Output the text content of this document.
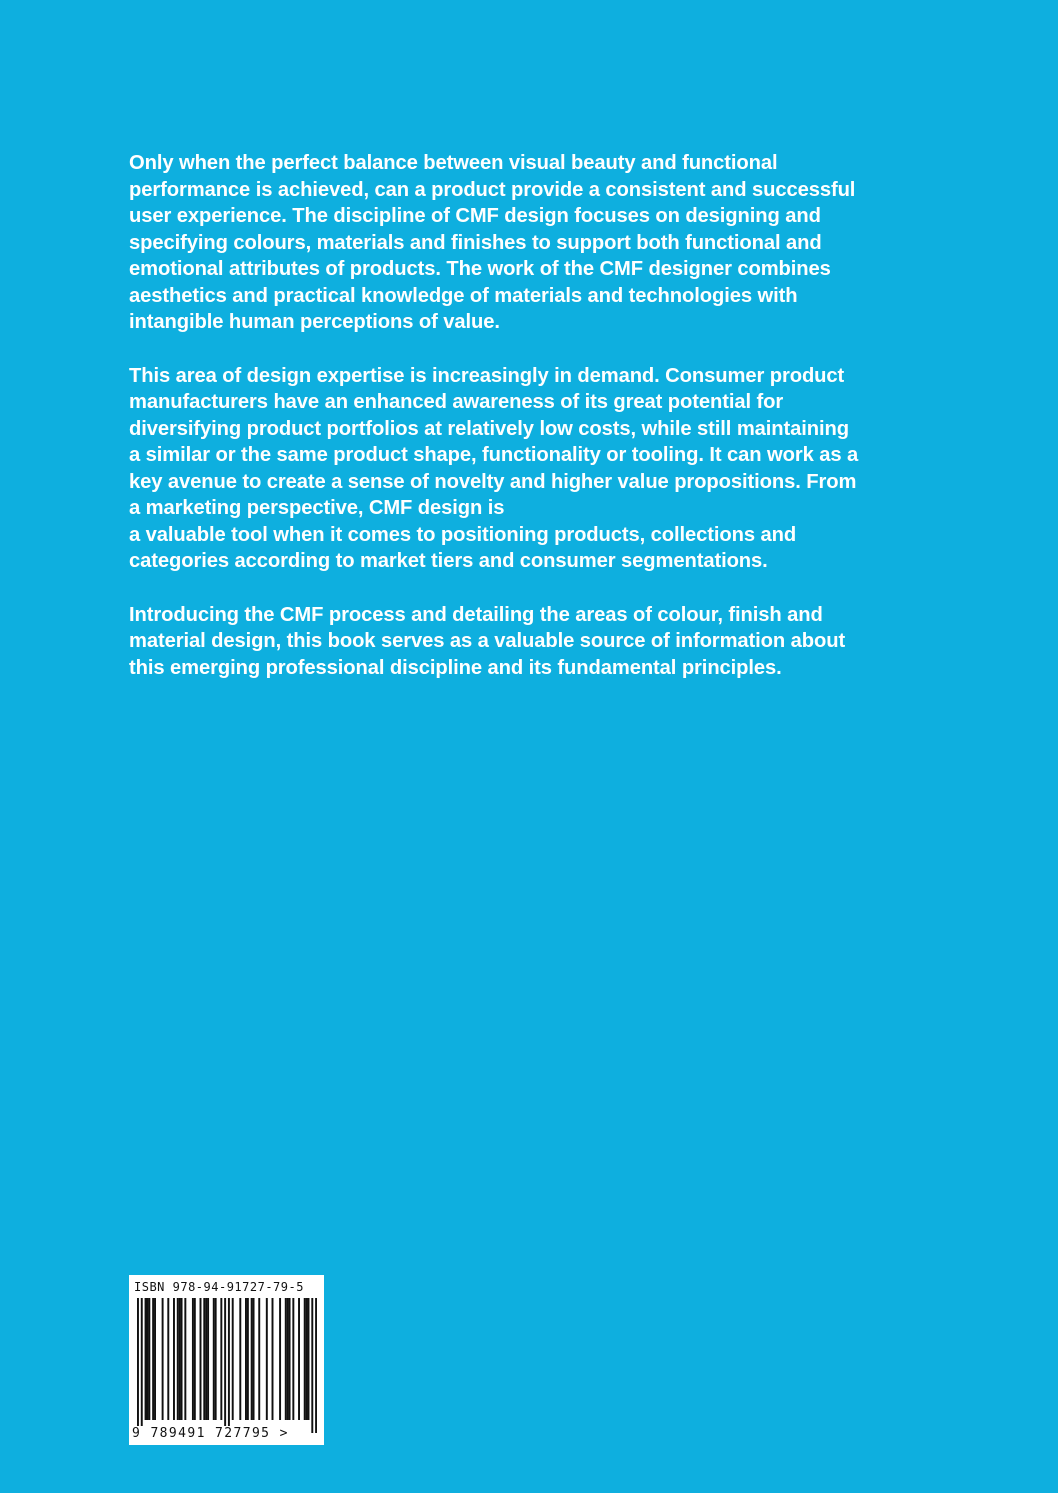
Only when the perfect balance between visual beauty and functional
performance is achieved, can a product provide a consistent and successful
user experience. The discipline of CMF design focuses on designing and
specifying colours, materials and finishes to support both functional and
emotional attributes of products. The work of the CMF designer combines
aesthetics and practical knowledge of materials and technologies with
intangible human perceptions of value.

This area of design expertise is increasingly in demand. Consumer product
manufacturers have an enhanced awareness of its great potential for
diversifying product portfolios at relatively low costs, while still maintaining
a similar or the same product shape, functionality or tooling. It can work as a
key avenue to create a sense of novelty and higher value propositions. From
a marketing perspective, CMF design is
a valuable tool when it comes to positioning products, collections and
categories according to market tiers and consumer segmentations.

Introducing the CMF process and detailing the areas of colour, finish and
material design, this book serves as a valuable source of information about
this emerging professional discipline and its fundamental principles.

ISBN 978-94-91727-79-5
9 789491 727795 >
